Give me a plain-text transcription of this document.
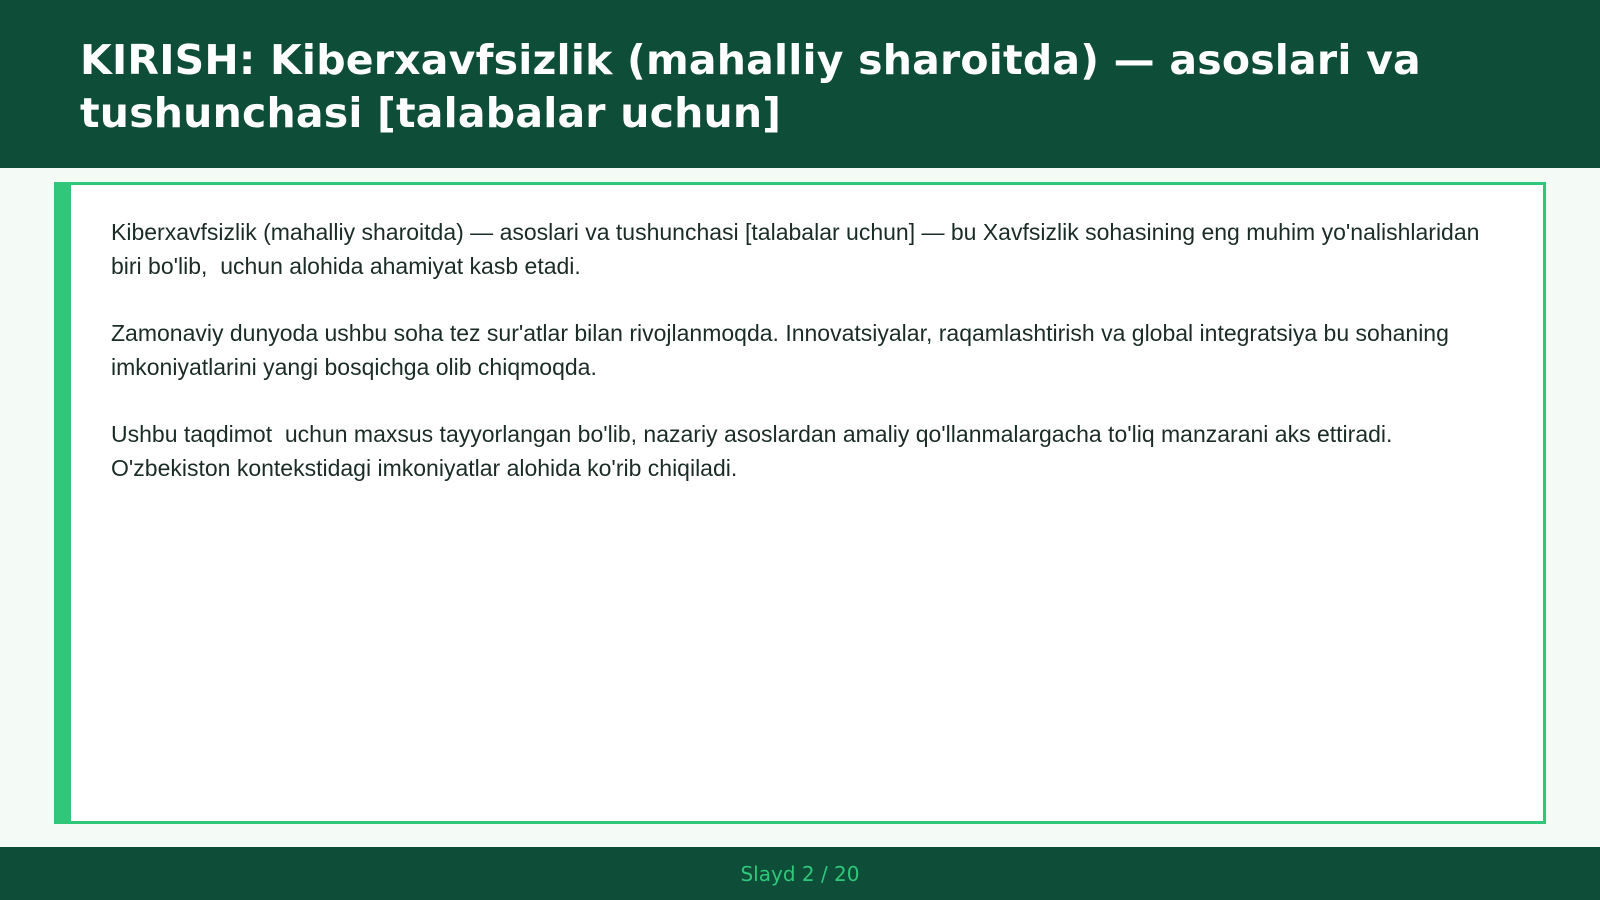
KIRISH: Kiberxavfsizlik (mahalliy sharoitda) — asoslari va tushunchasi [talabalar uchun]

Kiberxavfsizlik (mahalliy sharoitda) — asoslari va tushunchasi [talabalar uchun] — bu Xavfsizlik sohasining eng muhim yo'nalishlaridan biri bo'lib,  uchun alohida ahamiyat kasb etadi.

Zamonaviy dunyoda ushbu soha tez sur'atlar bilan rivojlanmoqda. Innovatsiyalar, raqamlashtirish va global integratsiya bu sohaning imkoniyatlarini yangi bosqichga olib chiqmoqda.

Ushbu taqdimot  uchun maxsus tayyorlangan bo'lib, nazariy asoslardan amaliy qo'llanmalargacha to'liq manzarani aks ettiradi. O'zbekiston kontekstidagi imkoniyatlar alohida ko'rib chiqiladi.

Slayd 2 / 20
